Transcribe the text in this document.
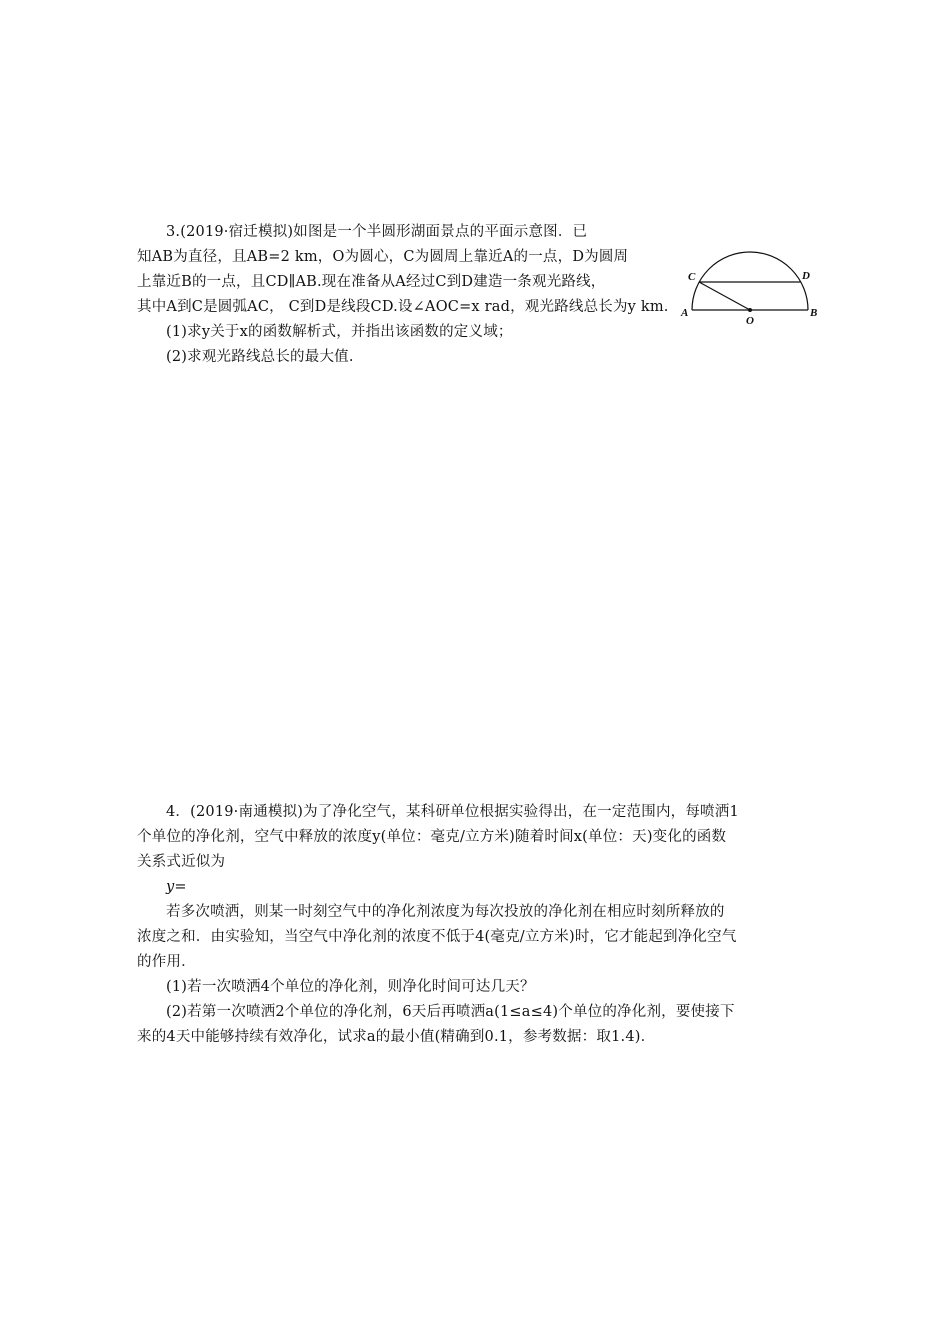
3.(2019·宿迁模拟)如图是一个半圆形湖面景点的平面示意图．已
知AB为直径，且AB=2 km，O为圆心，C为圆周上靠近A的一点，D为圆周
上靠近B的一点，且CD∥AB.现在准备从A经过C到D建造一条观光路线，
其中A到C是圆弧AC， C到D是线段CD.设∠AOC=x rad，观光路线总长为y km.
(1)求y关于x的函数解析式，并指出该函数的定义域；
(2)求观光路线总长的最大值.
C	D
A	B
O
4．(2019·南通模拟)为了净化空气，某科研单位根据实验得出，在一定范围内，每喷洒1
个单位的净化剂，空气中释放的浓度y(单位：毫克/立方米)随着时间x(单位：天)变化的函数
关系式近似为
y=
若多次喷洒，则某一时刻空气中的净化剂浓度为每次投放的净化剂在相应时刻所释放的
浓度之和．由实验知，当空气中净化剂的浓度不低于4(毫克/立方米)时，它才能起到净化空气
的作用．
(1)若一次喷洒4个单位的净化剂，则净化时间可达几天？
(2)若第一次喷洒2个单位的净化剂，6天后再喷洒a(1≤a≤4)个单位的净化剂，要使接下
来的4天中能够持续有效净化，试求a的最小值(精确到0.1，参考数据：取1.4)．
